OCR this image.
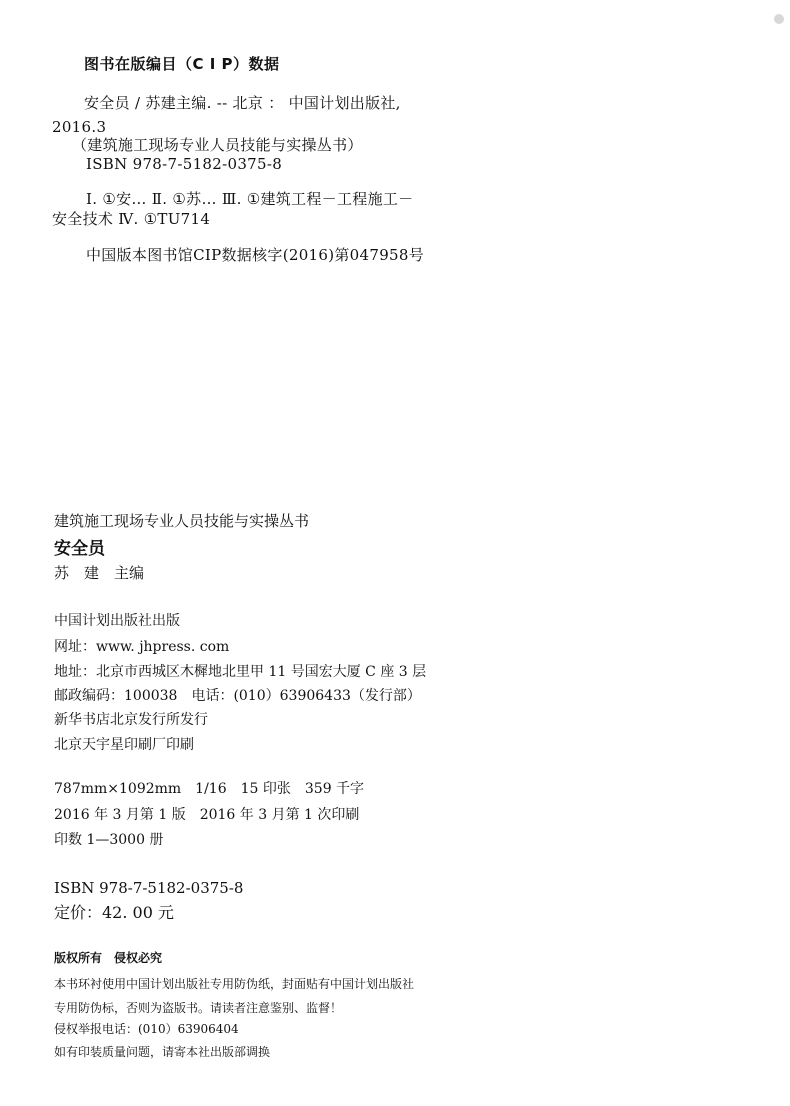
图书在版编目（C I P）数据
安全员 / 苏建主编. -- 北京 ： 中国计划出版社,
2016.3
（建筑施工现场专业人员技能与实操丛书）
ISBN 978-7-5182-0375-8
Ⅰ. ①安… Ⅱ. ①苏… Ⅲ. ①建筑工程－工程施工－
安全技术 Ⅳ. ①TU714
中国版本图书馆CIP数据核字(2016)第047958号
建筑施工现场专业人员技能与实操丛书
安全员
苏　建　主编
中国计划出版社出版
网址：www. jhpress. com
地址：北京市西城区木樨地北里甲 11 号国宏大厦 C 座 3 层
邮政编码：100038　电话：(010）63906433（发行部）
新华书店北京发行所发行
北京天宇星印刷厂印刷
787mm×1092mm　1/16　15 印张　359 千字
2016 年 3 月第 1 版　2016 年 3 月第 1 次印刷
印数 1—3000 册
ISBN 978-7-5182-0375-8
定价：42. 00 元
版权所有　侵权必究
本书环衬使用中国计划出版社专用防伪纸，封面贴有中国计划出版社
专用防伪标，否则为盗版书。请读者注意鉴别、监督！
侵权举报电话：(010）63906404
如有印装质量问题，请寄本社出版部调换
